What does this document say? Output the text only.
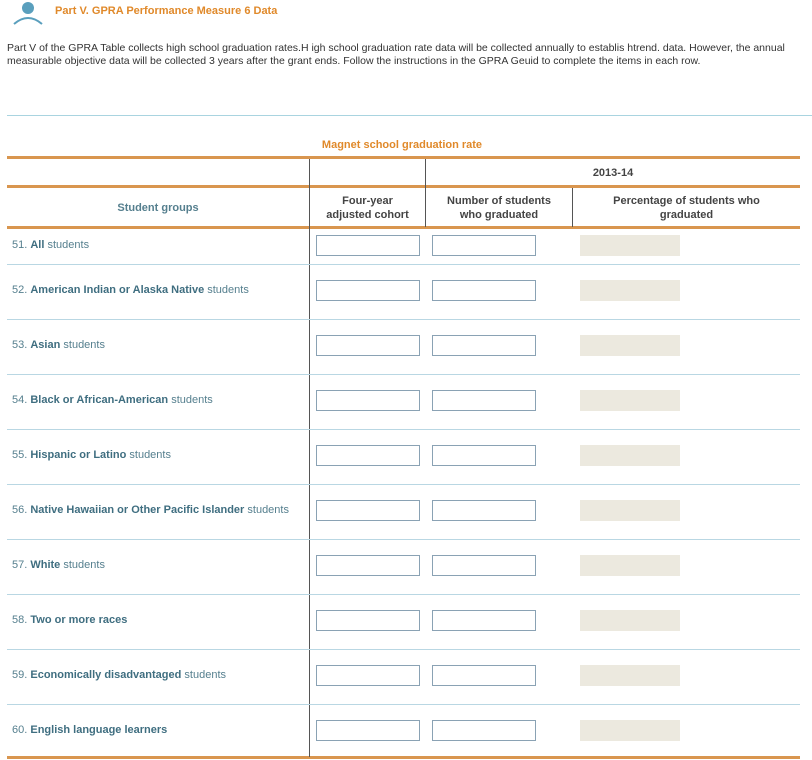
Part V. GPRA Performance Measure 6 Data
Part V of the GPRA Table collects high school graduation rates.H igh school graduation rate data will be collected annually to establis htrend. data. However, the annual
measurable objective data will be collected 3 years after the grant ends. Follow the instructions in the GPRA Geuid to complete the items in each row.
Magnet school graduation rate
2013-14
Student groups
Four-year
adjusted cohort
Number of students
who graduated
Percentage of students who
graduated
51. All students
52. American Indian or Alaska Native students
53. Asian students
54. Black or African-American students
55. Hispanic or Latino students
56. Native Hawaiian or Other Pacific Islander students
57. White students
58. Two or more races
59. Economically disadvantaged students
60. English language learners
